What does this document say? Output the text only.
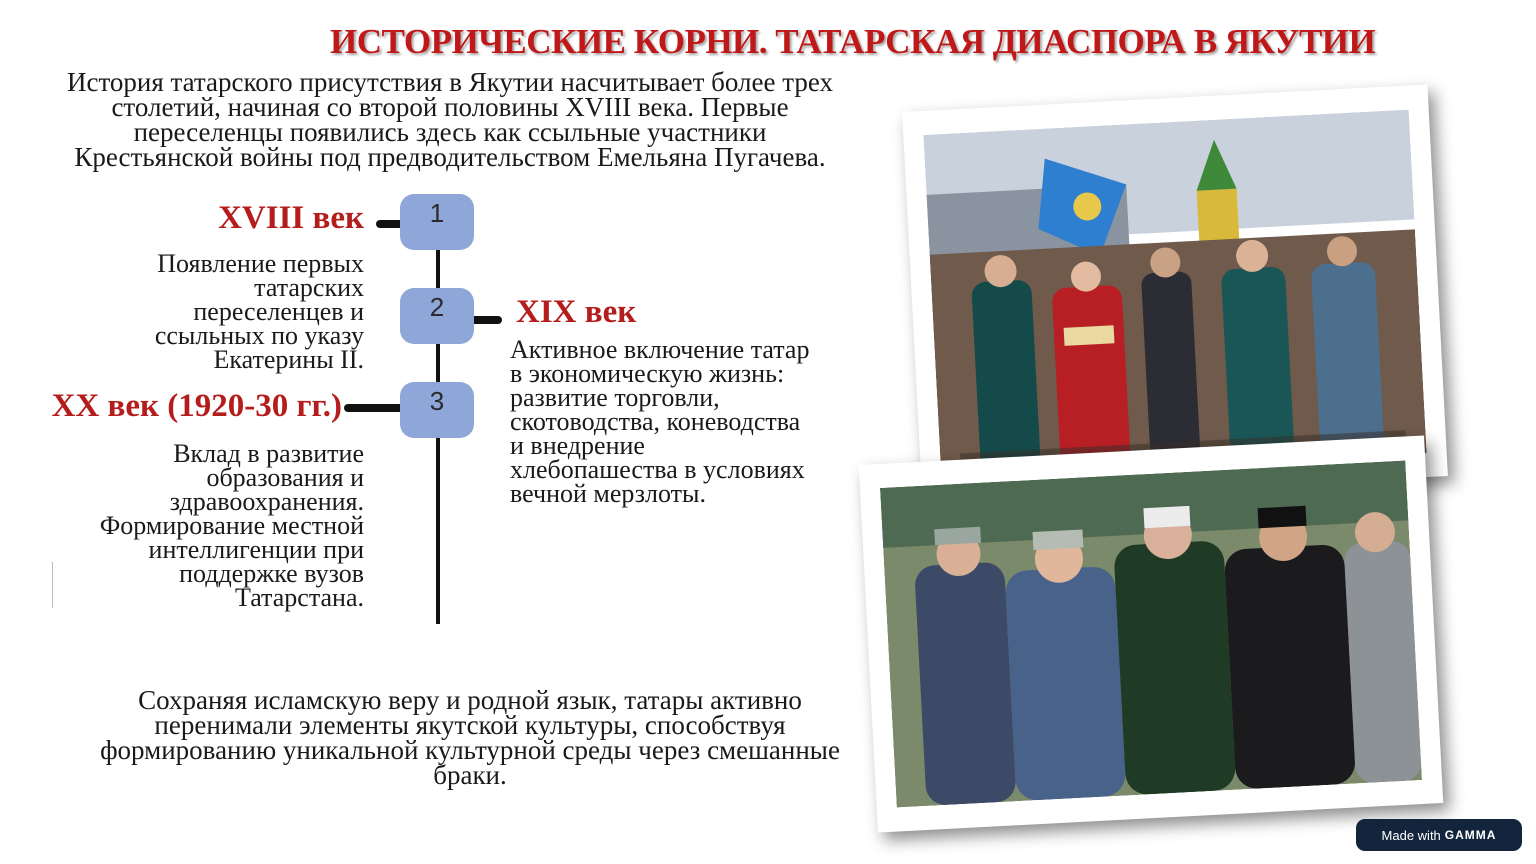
ИСТОРИЧЕСКИЕ КОРНИ. ТАТАРСКАЯ ДИАСПОРА В ЯКУТИИ
История татарского присутствия в Якутии насчитывает более трех столетий, начиная со второй половины XVIII века. Первые переселенцы появились здесь как ссыльные участники Крестьянской войны под предводительством Емельяна Пугачева.
1
XVIII век
Появление первых татарских переселенцев и ссыльных по указу Екатерины II.
2	XIX век
Активное включение татар в экономическую жизнь: развитие торговли, скотоводства, коневодства и внедрение хлебопашества в условиях вечной мерзлоты.
3
XX век (1920-30 гг.)
Вклад в развитие образования и здравоохранения. Формирование местной интеллигенции при поддержке вузов Татарстана.
Сохраняя исламскую веру и родной язык, татары активно перенимали элементы якутской культуры, способствуя формированию уникальной культурной среды через смешанные браки.
Made with GAMMA
